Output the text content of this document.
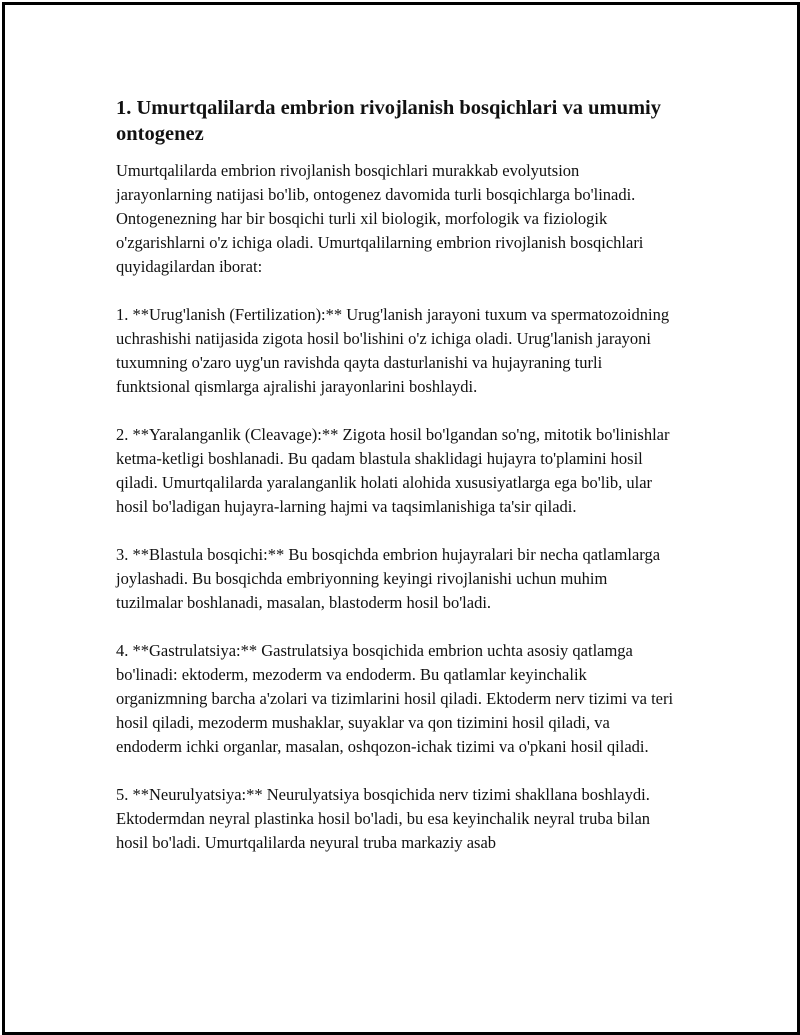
1. Umurtqalilarda embrion rivojlanish bosqichlari va umumiy ontogenez

Umurtqalilarda embrion rivojlanish bosqichlari murakkab evolyutsion jarayonlarning natijasi bo'lib, ontogenez davomida turli bosqichlarga bo'linadi. Ontogenezning har bir bosqichi turli xil biologik, morfologik va fiziologik o'zgarishlarni o'z ichiga oladi. Umurtqalilarning embrion rivojlanish bosqichlari quyidagilardan iborat:

1. **Urug'lanish (Fertilization):** Urug'lanish jarayoni tuxum va spermatozoidning uchrashishi natijasida zigota hosil bo'lishini o'z ichiga oladi. Urug'lanish jarayoni tuxumning o'zaro uyg'un ravishda qayta dasturlanishi va hujayraning turli funktsional qismlarga ajralishi jarayonlarini boshlaydi.

2. **Yaralanganlik (Cleavage):** Zigota hosil bo'lgandan so'ng, mitotik bo'linishlar ketma-ketligi boshlanadi. Bu qadam blastula shaklidagi hujayra to'plamini hosil qiladi. Umurtqalilarda yaralanganlik holati alohida xususiyatlarga ega bo'lib, ular hosil bo'ladigan hujayra-larning hajmi va taqsimlanishiga ta'sir qiladi.

3. **Blastula bosqichi:** Bu bosqichda embrion hujayralari bir necha qatlamlarga joylashadi. Bu bosqichda embriyonning keyingi rivojlanishi uchun muhim tuzilmalar boshlanadi, masalan, blastoderm hosil bo'ladi.

4. **Gastrulatsiya:** Gastrulatsiya bosqichida embrion uchta asosiy qatlamga bo'linadi: ektoderm, mezoderm va endoderm. Bu qatlamlar keyinchalik organizmning barcha a'zolari va tizimlarini hosil qiladi. Ektoderm nerv tizimi va teri hosil qiladi, mezoderm mushaklar, suyaklar va qon tizimini hosil qiladi, va endoderm ichki organlar, masalan, oshqozon-ichak tizimi va o'pkani hosil qiladi.

5. **Neurulyatsiya:** Neurulyatsiya bosqichida nerv tizimi shakllana boshlaydi. Ektodermdan neyral plastinka hosil bo'ladi, bu esa keyinchalik neyral truba bilan hosil bo'ladi. Umurtqalilarda neyural truba markaziy asab
